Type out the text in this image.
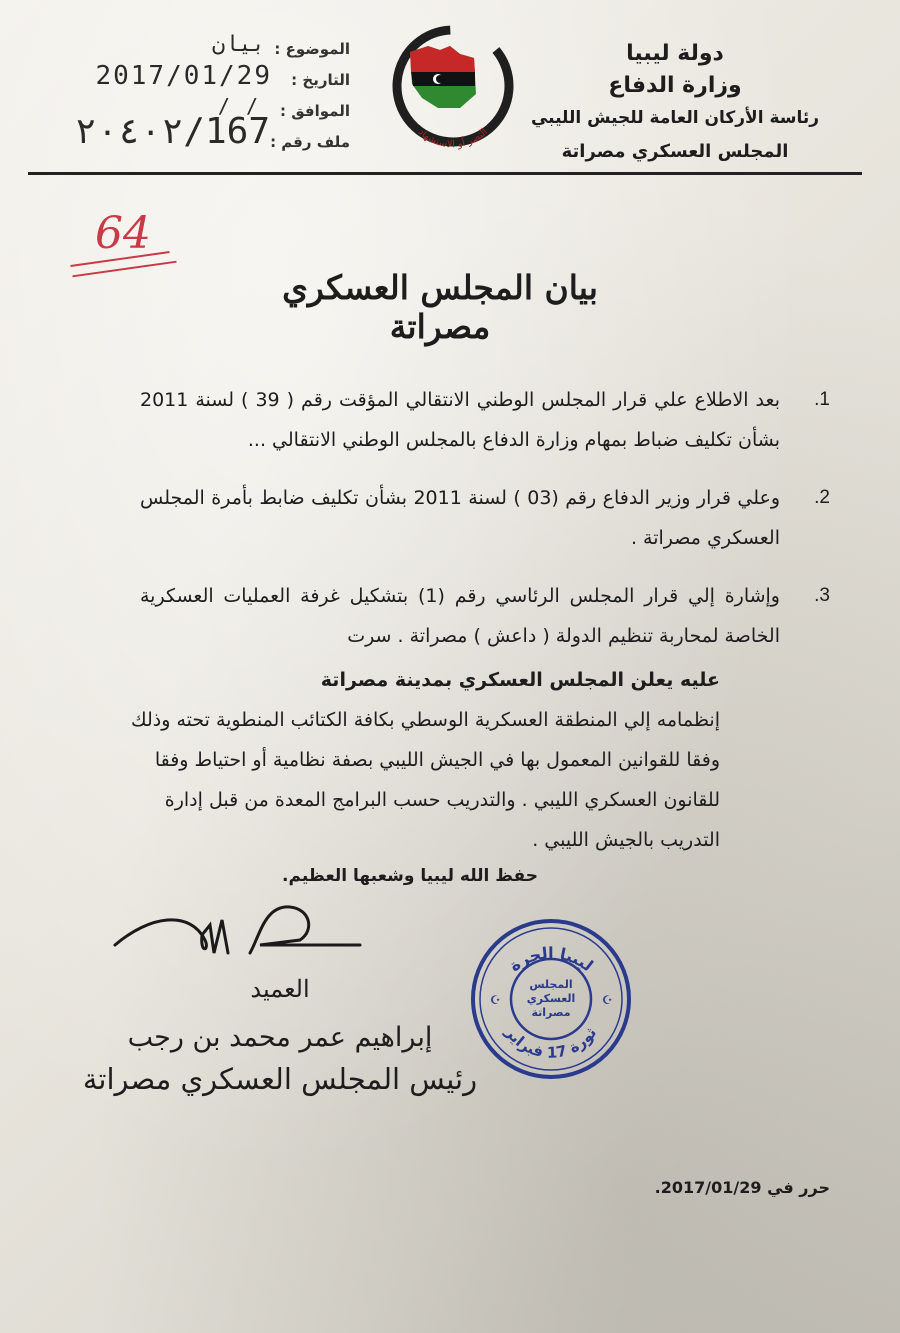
دولة ليبيا
وزارة الدفاع
رئاسة الأركان العامة للجيش الليبي
المجلس العسكري مصراتة
النصر أو الاستشهاد
الموضوع :
بيان
التاريخ :
2017/01/29
الموافق :
/ /
ملف رقم :
167/٢٠٤٠٢
64
بيان المجلس العسكري مصراتة
1.
بعد الاطلاع علي قرار المجلس الوطني الانتقالي المؤقت رقم ( 39 ) لسنة 2011 بشأن تكليف ضباط بمهام وزارة الدفاع بالمجلس الوطني الانتقالي ...
2.
وعلي قرار وزير الدفاع رقم (03 ) لسنة 2011 بشأن تكليف ضابط بأمرة المجلس العسكري مصراتة .
3.
وإشارة إلي قرار المجلس الرئاسي رقم (1) بتشكيل غرفة العمليات العسكرية الخاصة لمحاربة تنظيم الدولة ( داعش ) مصراتة . سرت
عليه يعلن المجلس العسكري بمدينة مصراتة
إنظمامه إلي المنطقة العسكرية الوسطي بكافة الكتائب المنطوية تحته وذلك وفقا للقوانين المعمول بها في الجيش الليبي بصفة نظامية أو احتياط وفقا للقانون العسكري الليبي . والتدريب حسب البرامج المعدة من قبل إدارة التدريب بالجيش الليبي .
حفظ الله ليبيا وشعبها العظيم.
العميد
إبراهيم عمر محمد بن رجب
رئيس المجلس العسكري مصراتة
ليبيا الحرة
ثورة 17 فبراير
المجلس العسكري مصراتة
☪	☪
حرر في 2017/01/29.
